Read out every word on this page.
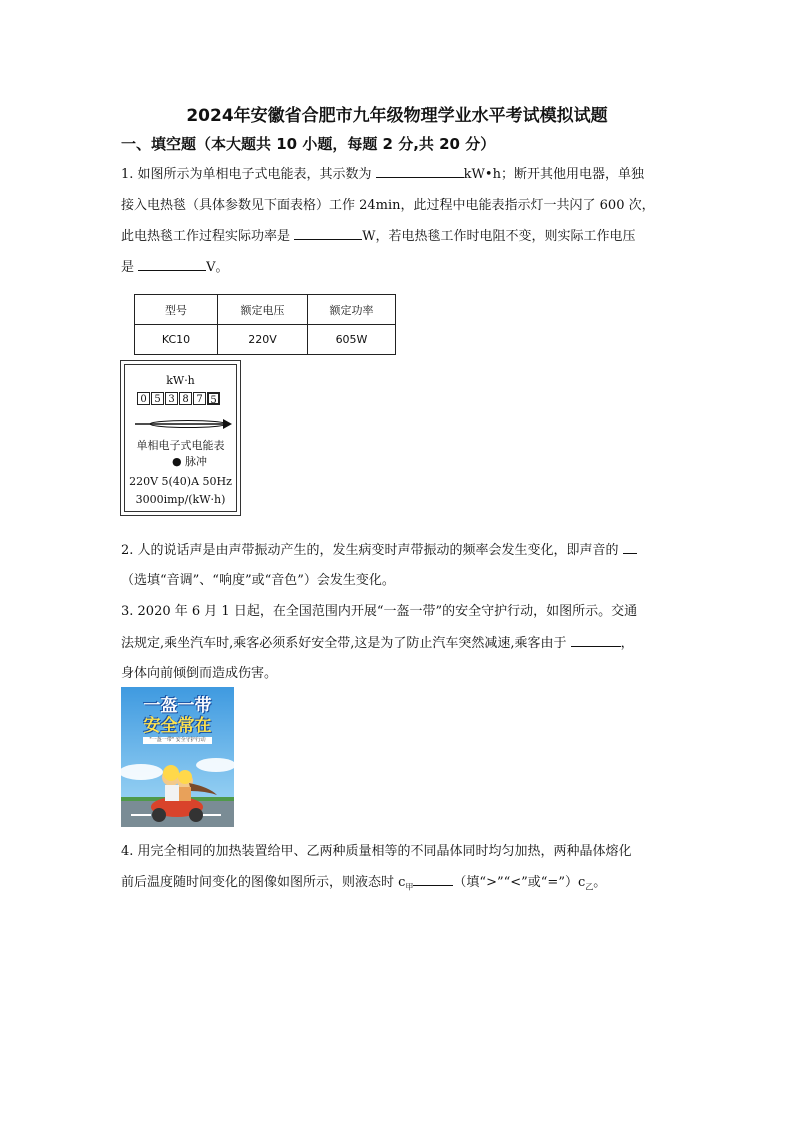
2024年安徽省合肥市九年级物理学业水平考试模拟试题
一、填空题（本大题共 10 小题，每题 2 分,共 20 分）
1. 如图所示为单相电子式电能表，其示数为	kW•h；断开其他用电器，单独
接入电热毯（具体参数见下面表格）工作 24min，此过程中电能表指示灯一共闪了 600 次，
此电热毯工作过程实际功率是	W，若电热毯工作时电阻不变，则实际工作电压
是	V。
型号	额定电压	额定功率
KC10	220V	605W
kW·h
0 5 3 8 7 5
单相电子式电能表
● 脉冲
220V 5(40)A 50Hz
3000imp/(kW·h)
2. 人的说话声是由声带振动产生的，发生病变时声带振动的频率会发生变化，即声音的
（选填“音调”、“响度”或“音色”）会发生变化。
3. 2020 年 6 月 1 日起，在全国范围内开展“一盔一带”的安全守护行动，如图所示。交通
法规定,乘坐汽车时,乘客必须系好安全带,这是为了防止汽车突然减速,乘客由于	，
身体向前倾倒而造成伤害。
一盔一带
安全常在
"一盔一带" 安全守护行动
4. 用完全相同的加热装置给甲、乙两种质量相等的不同晶体同时均匀加热，两种晶体熔化
前后温度随时间变化的图像如图所示，则液态时 $c_甲$	（填“>”“<”或“$=”)c_乙$。
